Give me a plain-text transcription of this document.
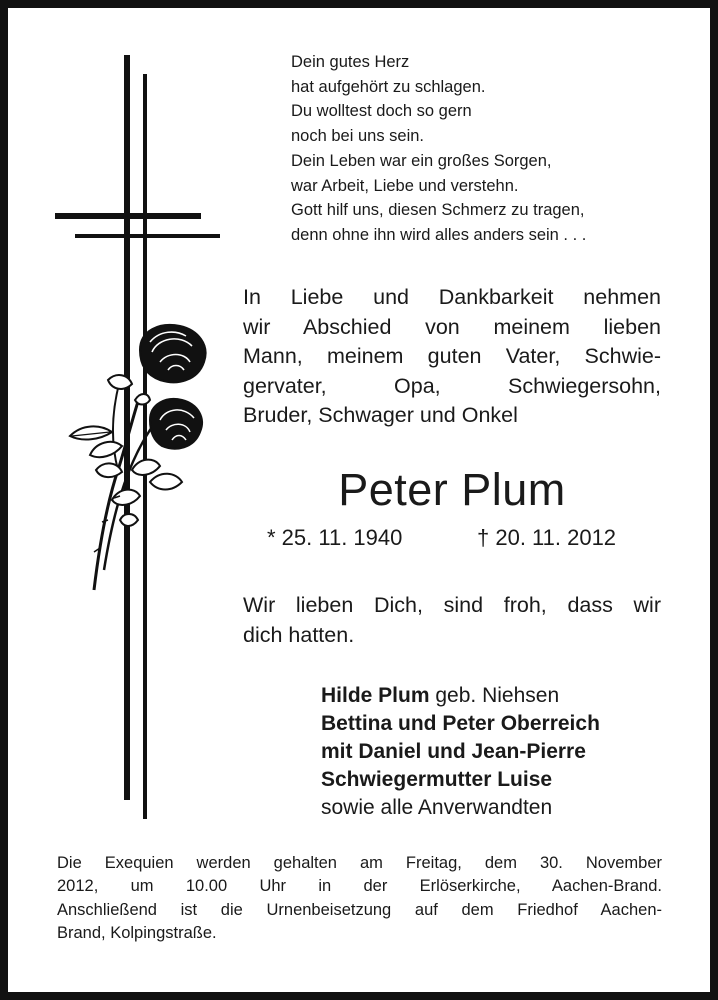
Dein gutes Herz
hat aufgehört zu schlagen.
Du wolltest doch so gern
noch bei uns sein.
Dein Leben war ein großes Sorgen,
war Arbeit, Liebe und verstehn.
Gott hilf uns, diesen Schmerz zu tragen,
denn ohne ihn wird alles anders sein . . .
In Liebe und Dankbarkeit nehmen
wir Abschied von meinem lieben
Mann, meinem guten Vater, Schwie-
gervater, Opa, Schwiegersohn,
Bruder, Schwager und Onkel
Peter Plum
* 25. 11. 1940	† 20. 11. 2012
Wir lieben Dich, sind froh, dass wir
dich hatten.
Hilde Plum geb. Niehsen
Bettina und Peter Oberreich
mit Daniel und Jean-Pierre
Schwiegermutter Luise
sowie alle Anverwandten
Die Exequien werden gehalten am Freitag, dem 30. November
2012, um 10.00 Uhr in der Erlöserkirche, Aachen-Brand.
Anschließend ist die Urnenbeisetzung auf dem Friedhof Aachen-
Brand, Kolpingstraße.
